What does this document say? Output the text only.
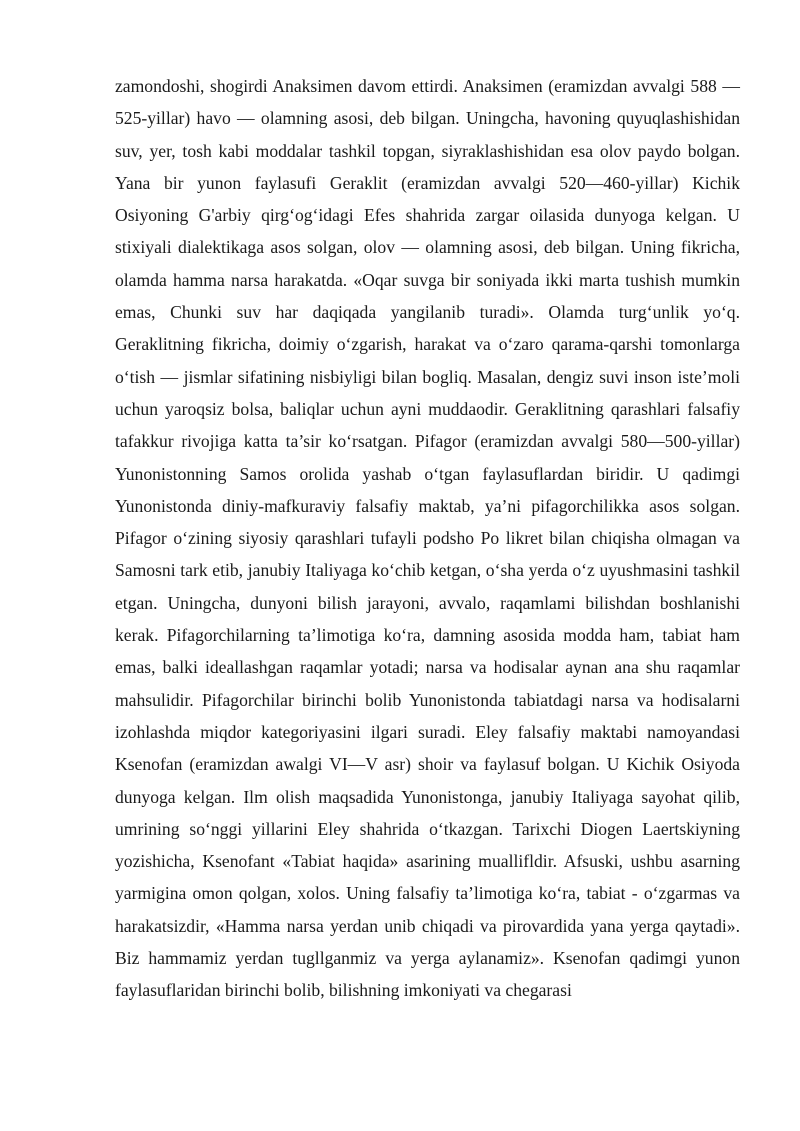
zamondoshi, shogirdi Anaksimen davom ettirdi. Anaksimen (eramizdan avvalgi 588 —525-yillar) havo — olamning asosi, deb bilgan. Uningcha, havoning quyuqlashishidan suv, yer, tosh kabi moddalar tashkil topgan, siyraklashishidan esa olov paydo bolgan. Yana bir yunon faylasufi Geraklit (eramizdan avvalgi 520—460-yillar) Kichik Osiyoning G'arbiy qirg‘og‘idagi Efes shahrida zargar oilasida dunyoga kelgan. U stixiyali dialektikaga asos solgan, olov — olamning asosi, deb bilgan. Uning fikricha, olamda hamma narsa harakatda. «Oqar suvga bir soniyada ikki marta tushish mumkin emas, Chunki suv har daqiqada yangilanib turadi». Olamda turg‘unlik yo‘q. Geraklitning fikricha, doimiy o‘zgarish, harakat va o‘zaro qarama-qarshi tomonlarga o‘tish — jismlar sifatining nisbiyligi bilan bogliq. Masalan, dengiz suvi inson iste’moli uchun yaroqsiz bolsa, baliqlar uchun ayni muddaodir. Geraklitning qarashlari falsafiy tafakkur rivojiga katta ta’sir ko‘rsatgan. Pifagor (eramizdan avvalgi 580—500-yillar) Yunonistonning Samos orolida yashab o‘tgan faylasuflardan biridir. U qadimgi Yunonistonda diniy-mafkuraviy falsafiy maktab, ya’ni pifagorchilikka asos solgan. Pifagor o‘zining siyosiy qarashlari tufayli podsho Po likret bilan chiqisha olmagan va Samosni tark etib, janubiy Italiyaga ko‘chib ketgan, o‘sha yerda o‘z uyushmasini tashkil etgan. Uningcha, dunyoni bilish jarayoni, avvalo, raqamlami bilishdan boshlanishi kerak. Pifagorchilarning ta’limotiga ko‘ra, damning asosida modda ham, tabiat ham emas, balki ideallashgan raqamlar yotadi; narsa va hodisalar aynan ana shu raqamlar mahsulidir. Pifagorchilar birinchi bolib Yunonistonda tabiatdagi narsa va hodisalarni izohlashda miqdor kategoriyasini ilgari suradi. Eley falsafiy maktabi namoyandasi Ksenofan (eramizdan awalgi VI—V asr) shoir va faylasuf bolgan. U Kichik Osiyoda dunyoga kelgan. Ilm olish maqsadida Yunonistonga, janubiy Italiyaga sayohat qilib, umrining so‘nggi yillarini Eley shahrida o‘tkazgan. Tarixchi Diogen Laertskiyning yozishicha, Ksenofant «Tabiat haqida» asarining muallifldir. Afsuski, ushbu asarning yarmigina omon qolgan, xolos. Uning falsafiy ta’limotiga ko‘ra, tabiat - o‘zgarmas va harakatsizdir, «Hamma narsa yerdan unib chiqadi va pirovardida yana yerga qaytadi». Biz hammamiz yerdan tugllganmiz va yerga aylanamiz». Ksenofan qadimgi yunon faylasuflaridan birinchi bolib, bilishning imkoniyati va chegarasi
